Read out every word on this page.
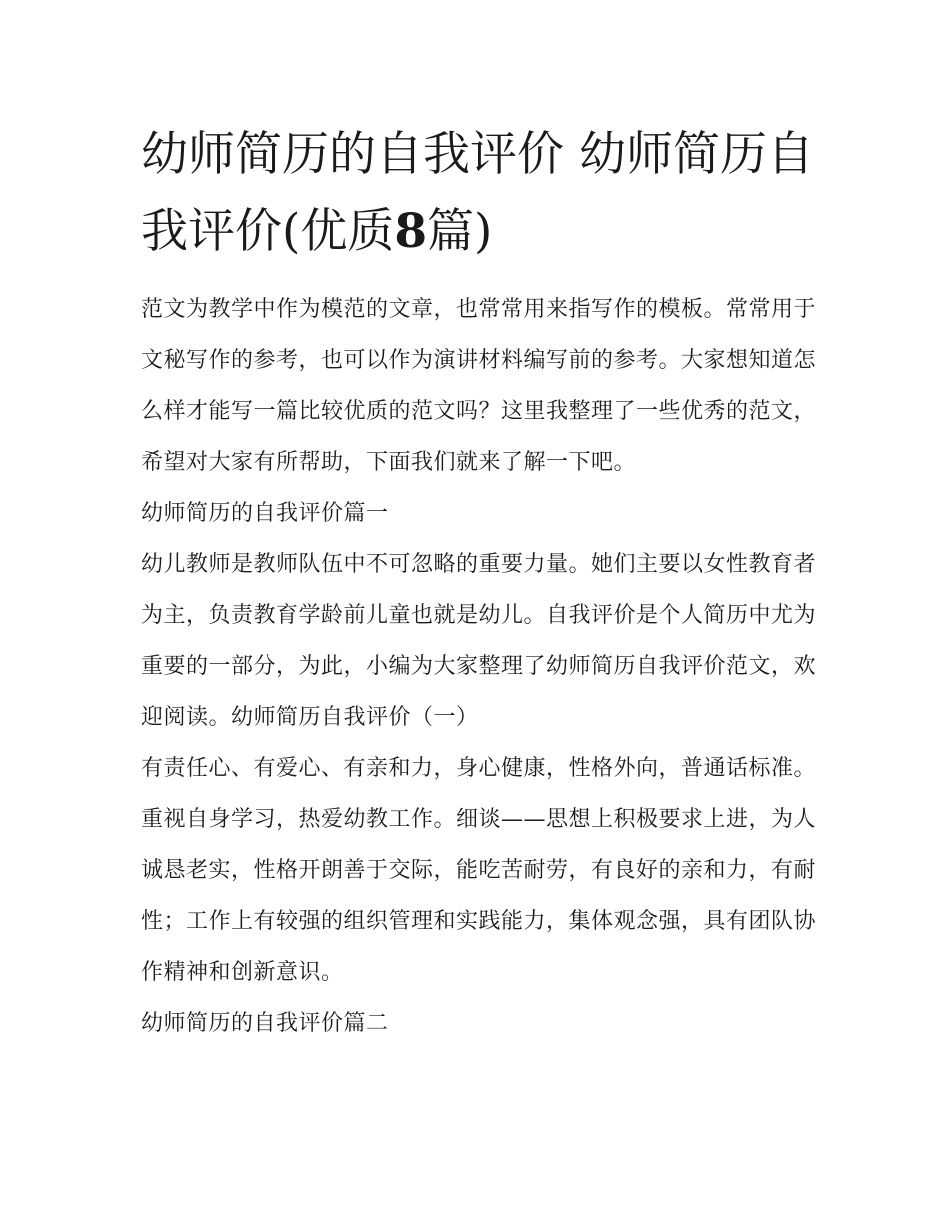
幼师简历的自我评价 幼师简历自我评价(优质8篇)

范文为教学中作为模范的文章，也常常用来指写作的模板。常常用于文秘写作的参考，也可以作为演讲材料编写前的参考。大家想知道怎么样才能写一篇比较优质的范文吗？这里我整理了一些优秀的范文，希望对大家有所帮助，下面我们就来了解一下吧。

幼师简历的自我评价篇一

幼儿教师是教师队伍中不可忽略的重要力量。她们主要以女性教育者为主，负责教育学龄前儿童也就是幼儿。自我评价是个人简历中尤为重要的一部分，为此，小编为大家整理了幼师简历自我评价范文，欢迎阅读。幼师简历自我评价（一）

有责任心、有爱心、有亲和力，身心健康，性格外向，普通话标准。重视自身学习，热爱幼教工作。细谈——思想上积极要求上进，为人诚恳老实，性格开朗善于交际，能吃苦耐劳，有良好的亲和力，有耐性；工作上有较强的组织管理和实践能力，集体观念强，具有团队协作精神和创新意识。

幼师简历的自我评价篇二
